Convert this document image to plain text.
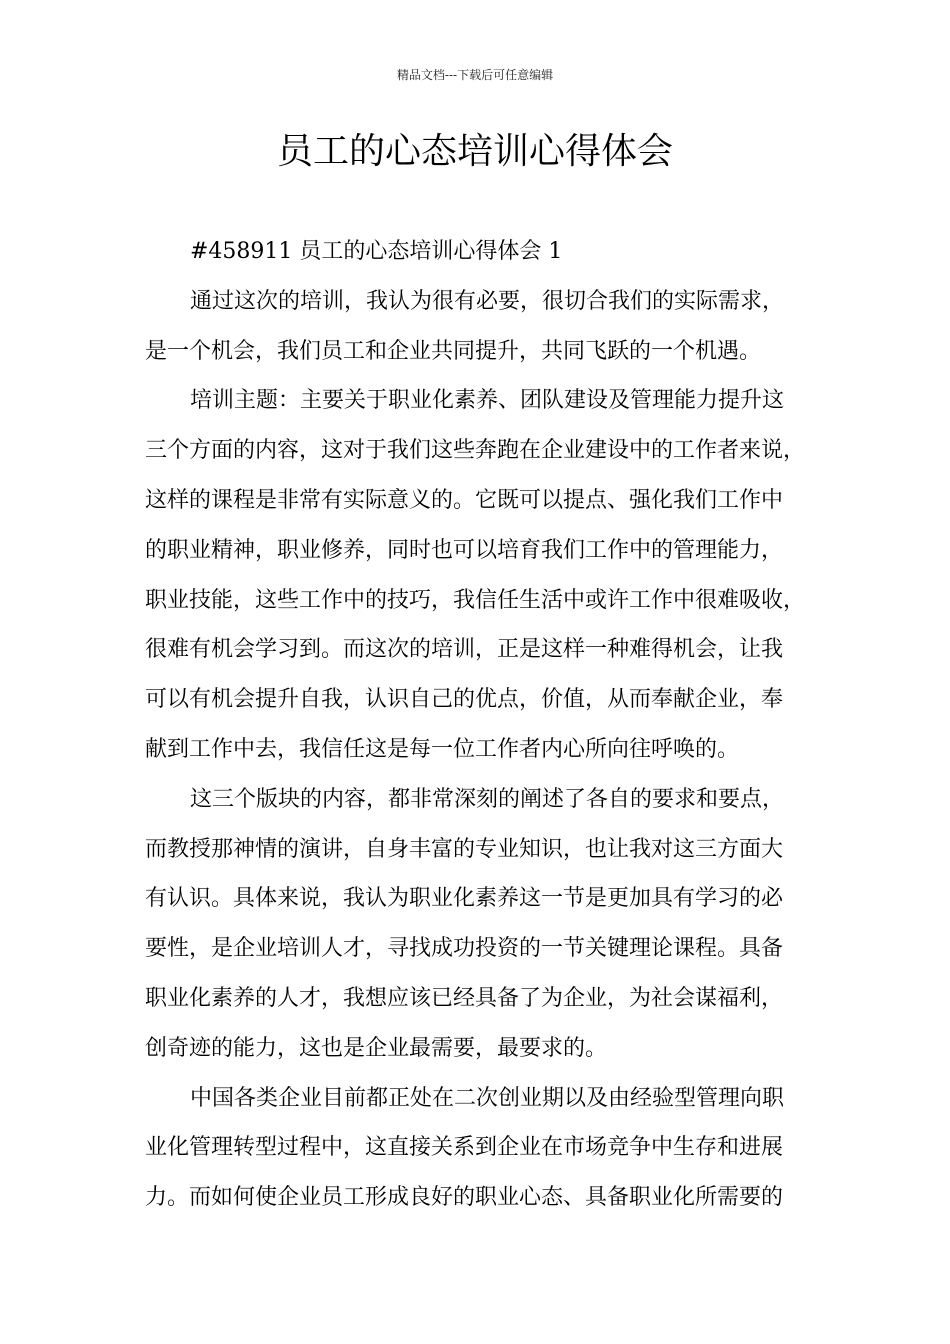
精品文档---下载后可任意编辑
员工的心态培训心得体会
#458911 员工的心态培训心得体会 1
通过这次的培训，我认为很有必要，很切合我们的实际需求，
是一个机会，我们员工和企业共同提升，共同飞跃的一个机遇。
培训主题：主要关于职业化素养、团队建设及管理能力提升这
三个方面的内容，这对于我们这些奔跑在企业建设中的工作者来说，
这样的课程是非常有实际意义的。它既可以提点、强化我们工作中
的职业精神，职业修养，同时也可以培育我们工作中的管理能力，
职业技能，这些工作中的技巧，我信任生活中或许工作中很难吸收，
很难有机会学习到。而这次的培训，正是这样一种难得机会，让我
可以有机会提升自我，认识自己的优点，价值，从而奉献企业，奉
献到工作中去，我信任这是每一位工作者内心所向往呼唤的。
这三个版块的内容，都非常深刻的阐述了各自的要求和要点，
而教授那神情的演讲，自身丰富的专业知识，也让我对这三方面大
有认识。具体来说，我认为职业化素养这一节是更加具有学习的必
要性，是企业培训人才，寻找成功投资的一节关键理论课程。具备
职业化素养的人才，我想应该已经具备了为企业，为社会谋福利，
创奇迹的能力，这也是企业最需要，最要求的。
中国各类企业目前都正处在二次创业期以及由经验型管理向职
业化管理转型过程中，这直接关系到企业在市场竞争中生存和进展
力。而如何使企业员工形成良好的职业心态、具备职业化所需要的
